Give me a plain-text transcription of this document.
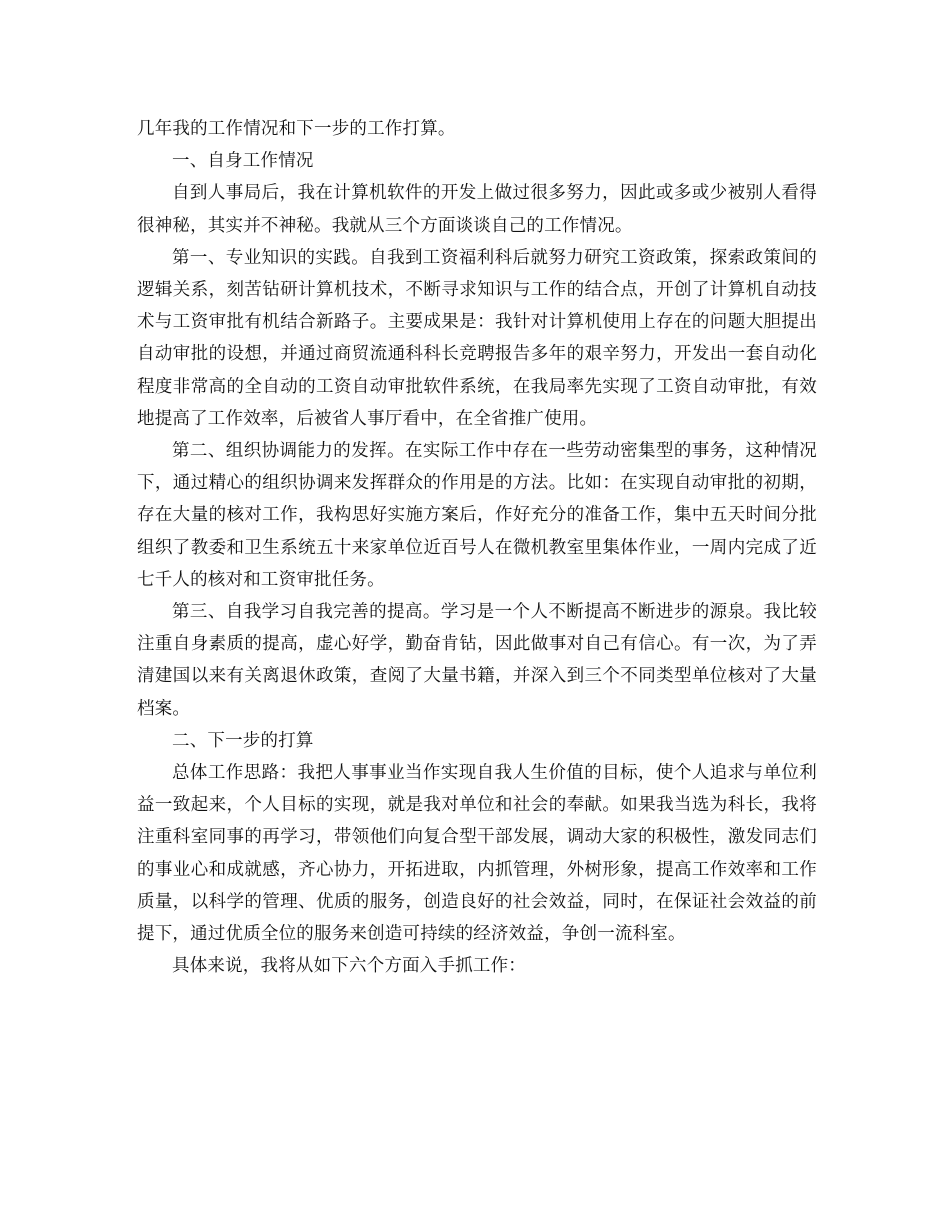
几年我的工作情况和下一步的工作打算。

一、自身工作情况

自到人事局后，我在计算机软件的开发上做过很多努力，因此或多或少被别人看得很神秘，其实并不神秘。我就从三个方面谈谈自己的工作情况。

第一、专业知识的实践。自我到工资福利科后就努力研究工资政策，探索政策间的逻辑关系，刻苦钻研计算机技术，不断寻求知识与工作的结合点，开创了计算机自动技术与工资审批有机结合新路子。主要成果是：我针对计算机使用上存在的问题大胆提出自动审批的设想，并通过商贸流通科科长竞聘报告多年的艰辛努力，开发出一套自动化程度非常高的全自动的工资自动审批软件系统，在我局率先实现了工资自动审批，有效地提高了工作效率，后被省人事厅看中，在全省推广使用。

第二、组织协调能力的发挥。在实际工作中存在一些劳动密集型的事务，这种情况下，通过精心的组织协调来发挥群众的作用是的方法。比如：在实现自动审批的初期，存在大量的核对工作，我构思好实施方案后，作好充分的准备工作，集中五天时间分批组织了教委和卫生系统五十来家单位近百号人在微机教室里集体作业，一周内完成了近七千人的核对和工资审批任务。

第三、自我学习自我完善的提高。学习是一个人不断提高不断进步的源泉。我比较注重自身素质的提高，虚心好学，勤奋肯钻，因此做事对自己有信心。有一次，为了弄清建国以来有关离退休政策，查阅了大量书籍，并深入到三个不同类型单位核对了大量档案。

二、下一步的打算

总体工作思路：我把人事事业当作实现自我人生价值的目标，使个人追求与单位利益一致起来，个人目标的实现，就是我对单位和社会的奉献。如果我当选为科长，我将注重科室同事的再学习，带领他们向复合型干部发展，调动大家的积极性，激发同志们的事业心和成就感，齐心协力，开拓进取，内抓管理，外树形象，提高工作效率和工作质量，以科学的管理、优质的服务，创造良好的社会效益，同时，在保证社会效益的前提下，通过优质全位的服务来创造可持续的经济效益，争创一流科室。

具体来说，我将从如下六个方面入手抓工作：
